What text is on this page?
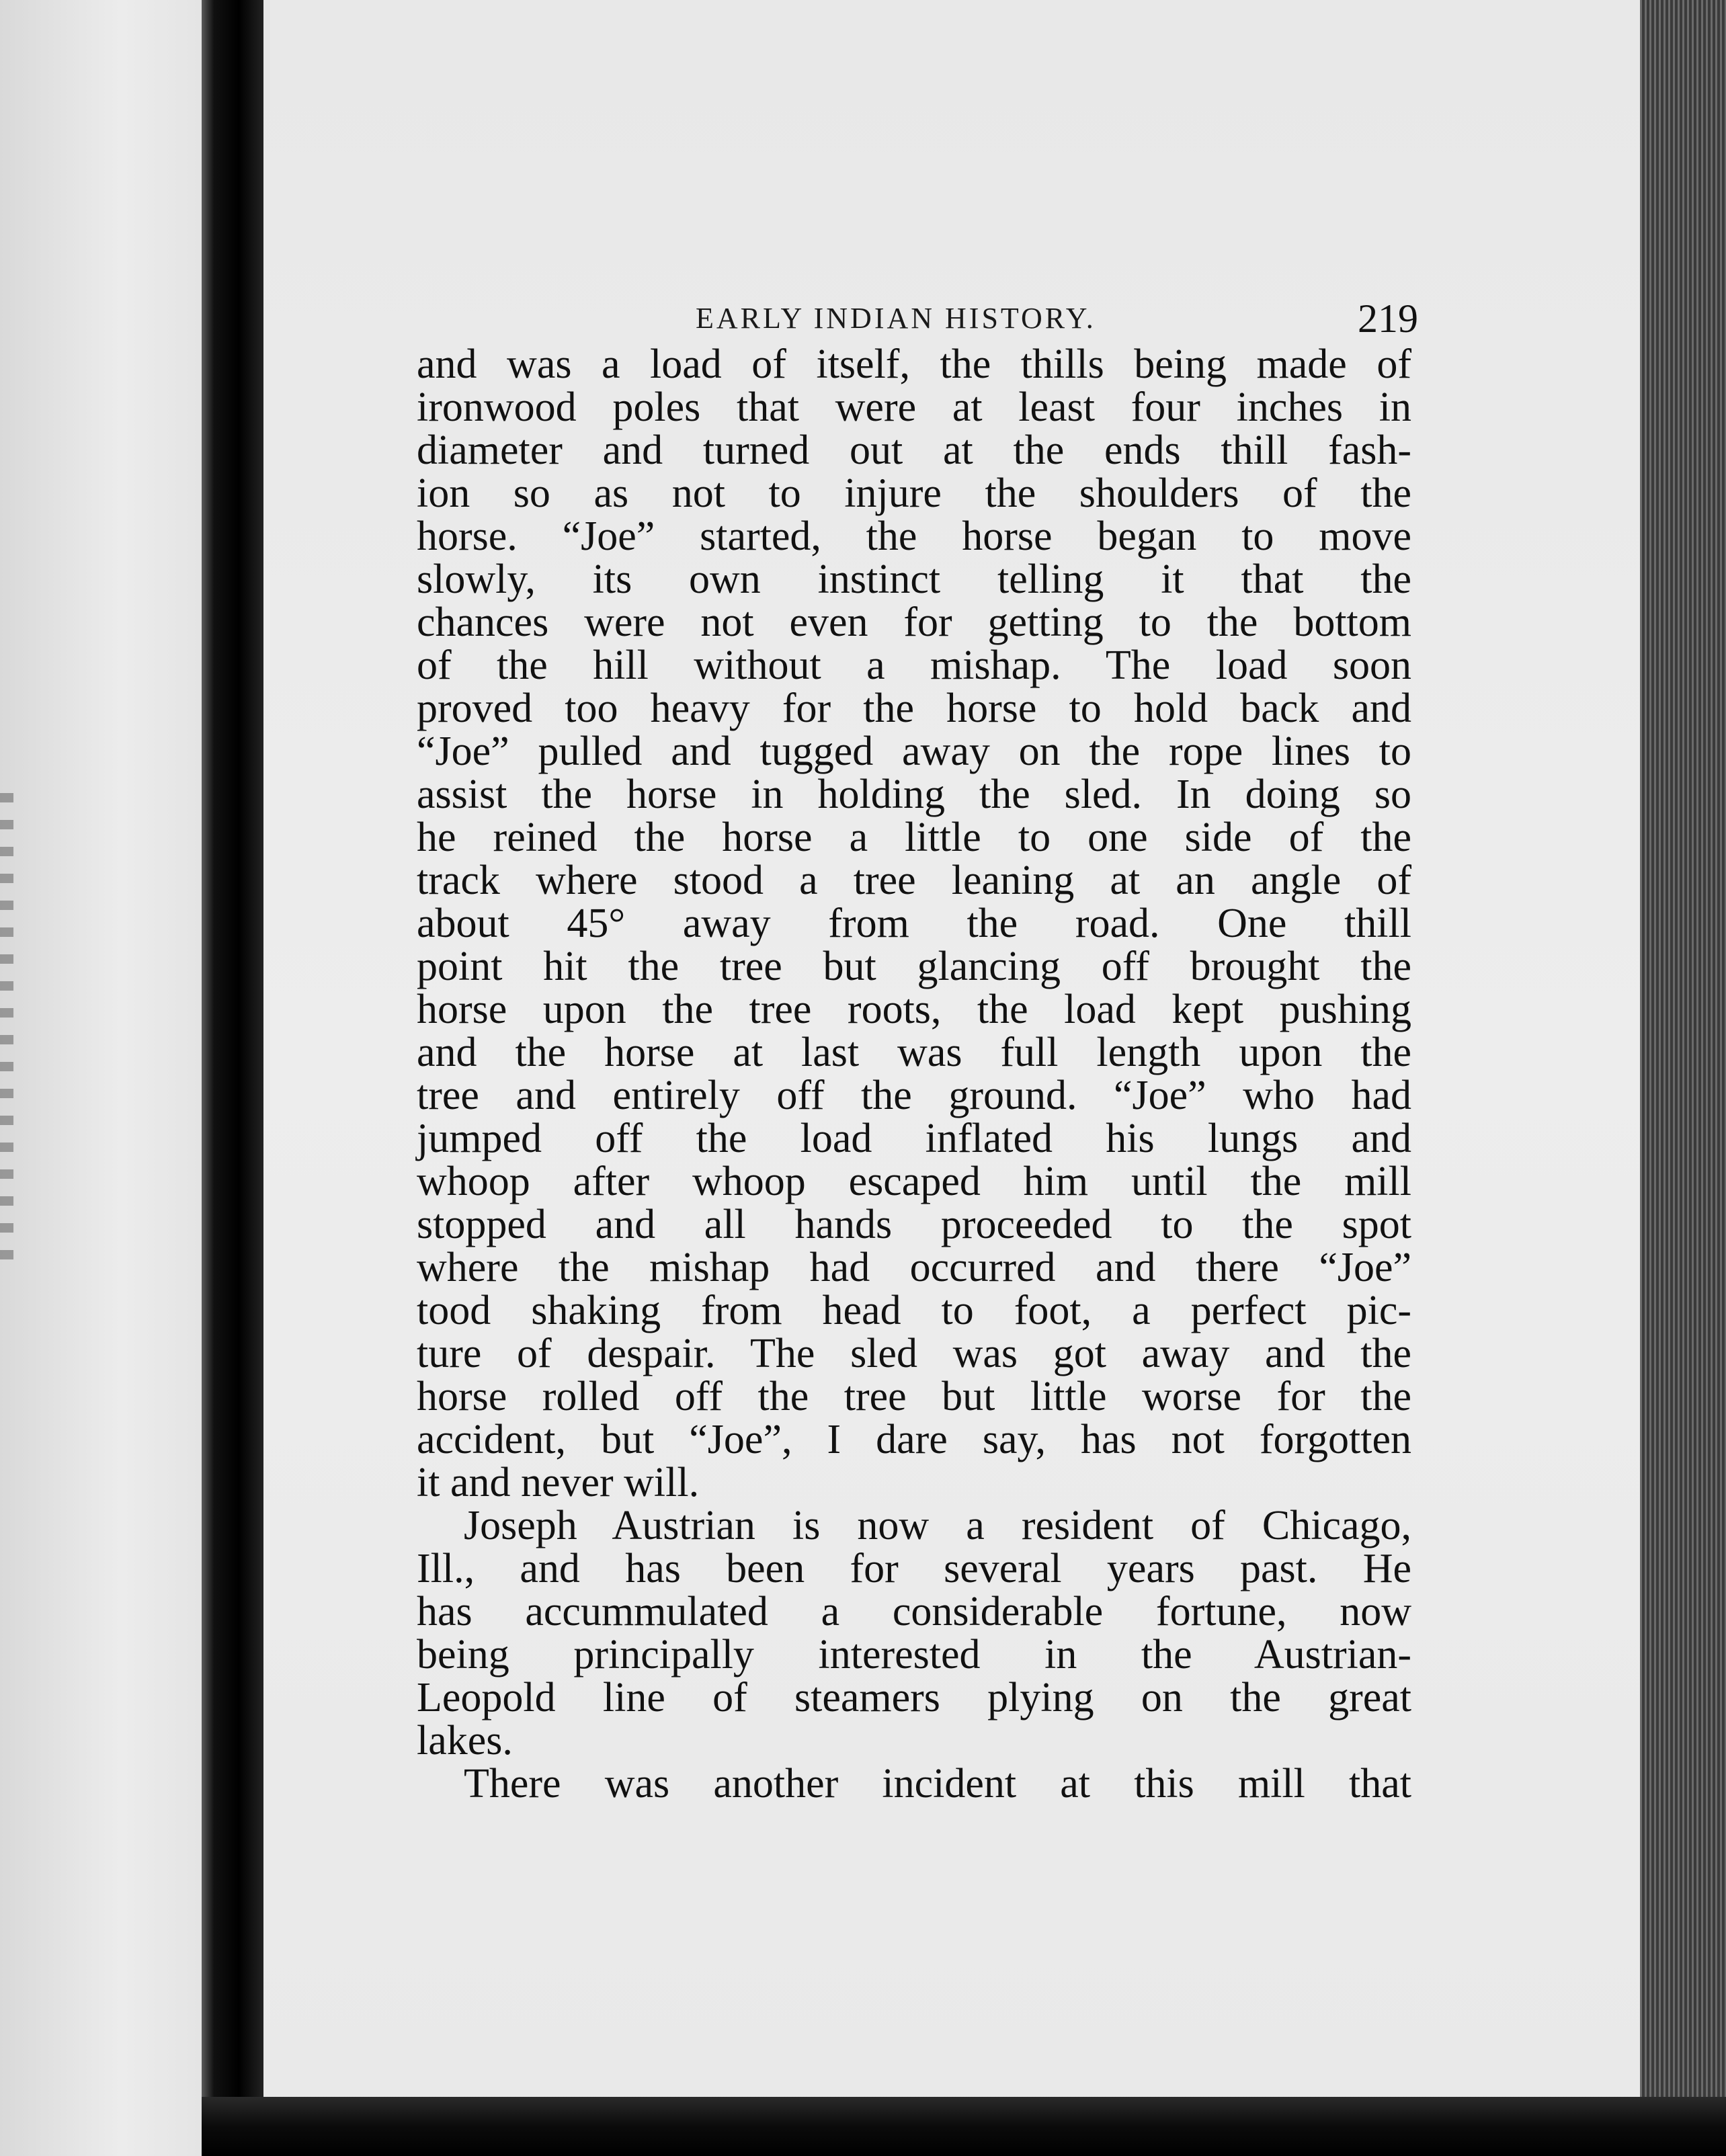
EARLY INDIAN HISTORY.	219
and was a load of itself, the thills being made of
ironwood poles that were at least four inches in
diameter and turned out at the ends thill fash-
ion so as not to injure the shoulders of the
horse. “Joe” started, the horse began to move
slowly, its own instinct telling it that the
chances were not even for getting to the bottom
of the hill without a mishap. The load soon
proved too heavy for the horse to hold back and
“Joe” pulled and tugged away on the rope lines to
assist the horse in holding the sled. In doing so
he reined the horse a little to one side of the
track where stood a tree leaning at an angle of
about 45° away from the road. One thill
point hit the tree but glancing off brought the
horse upon the tree roots, the load kept pushing
and the horse at last was full length upon the
tree and entirely off the ground. “Joe” who had
jumped off the load inflated his lungs and
whoop after whoop escaped him until the mill
stopped and all hands proceeded to the spot
where the mishap had occurred and there “Joe”
tood shaking from head to foot, a perfect pic-
ture of despair. The sled was got away and the
horse rolled off the tree but little worse for the
accident, but “Joe”, I dare say, has not forgotten
it and never will.
Joseph Austrian is now a resident of Chicago,
Ill., and has been for several years past. He
has accummulated a considerable fortune, now
being principally interested in the Austrian-
Leopold line of steamers plying on the great
lakes.
There was another incident at this mill that
